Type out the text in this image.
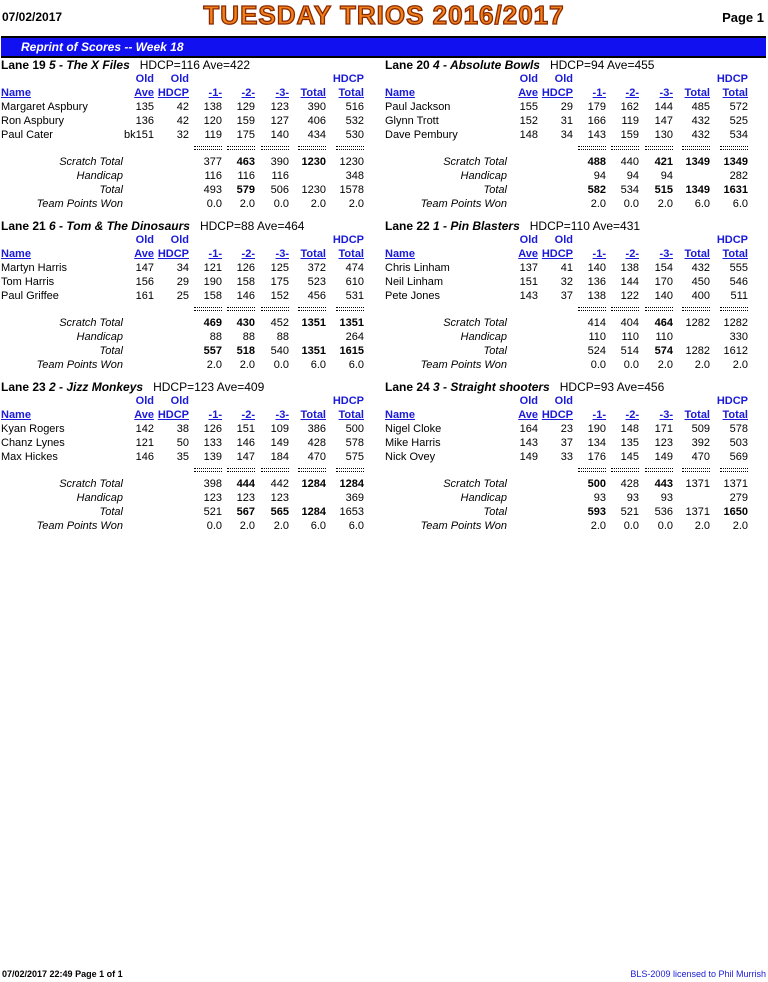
07/02/2017	TUESDAY TRIOS 2016/2017	Page 1
Reprint of Scores -- Week 18
Lane 19 5 - The X Files HDCP=116 Ave=422
Old Old	HDCP
Name	Ave HDCP -1- -2- -3- Total Total
Margaret Aspbury	135 42 138 129 123 390 516
Ron Aspbury	136 42 120 159 127 406 532
Paul Cater	bk151 32 119 175 140 434 530
Scratch Total	377 463 390 1230 1230
Handicap	116 116 116	348
Total	493 579 506 1230 1578
Team Points Won	0.0 2.0 0.0 2.0 2.0
Lane 20 4 - Absolute Bowls HDCP=94 Ave=455
Old Old	HDCP
Name	Ave HDCP -1- -2- -3- Total Total
Paul Jackson	155 29 179 162 144 485 572
Glynn Trott	152 31 166 119 147 432 525
Dave Pembury	148 34 143 159 130 432 534
Scratch Total	488 440 421 1349 1349
Handicap	94 94 94	282
Total	582 534 515 1349 1631
Team Points Won	2.0 0.0 2.0 6.0 6.0
Lane 21 6 - Tom & The Dinosaurs HDCP=88 Ave=464
Old Old	HDCP
Name	Ave HDCP -1- -2- -3- Total Total
Martyn Harris	147 34 121 126 125 372 474
Tom Harris	156 29 190 158 175 523 610
Paul Griffee	161 25 158 146 152 456 531
Scratch Total	469 430 452 1351 1351
Handicap	88 88 88	264
Total	557 518 540 1351 1615
Team Points Won	2.0 2.0 0.0 6.0 6.0
Lane 22 1 - Pin Blasters HDCP=110 Ave=431
Old Old	HDCP
Name	Ave HDCP -1- -2- -3- Total Total
Chris Linham	137 41 140 138 154 432 555
Neil Linham	151 32 136 144 170 450 546
Pete Jones	143 37 138 122 140 400 511
Scratch Total	414 404 464 1282 1282
Handicap	110 110 110	330
Total	524 514 574 1282 1612
Team Points Won	0.0 0.0 2.0 2.0 2.0
Lane 23 2 - Jizz Monkeys HDCP=123 Ave=409
Old Old	HDCP
Name	Ave HDCP -1- -2- -3- Total Total
Kyan Rogers	142 38 126 151 109 386 500
Chanz Lynes	121 50 133 146 149 428 578
Max Hickes	146 35 139 147 184 470 575
Scratch Total	398 444 442 1284 1284
Handicap	123 123 123	369
Total	521 567 565 1284 1653
Team Points Won	0.0 2.0 2.0 6.0 6.0
Lane 24 3 - Straight shooters HDCP=93 Ave=456
Old Old	HDCP
Name	Ave HDCP -1- -2- -3- Total Total
Nigel Cloke	164 23 190 148 171 509 578
Mike Harris	143 37 134 135 123 392 503
Nick Ovey	149 33 176 145 149 470 569
Scratch Total	500 428 443 1371 1371
Handicap	93 93 93	279
Total	593 521 536 1371 1650
Team Points Won	2.0 0.0 0.0 2.0 2.0
07/02/2017 22:49 Page 1 of 1	BLS-2009 licensed to Phil Murrish
